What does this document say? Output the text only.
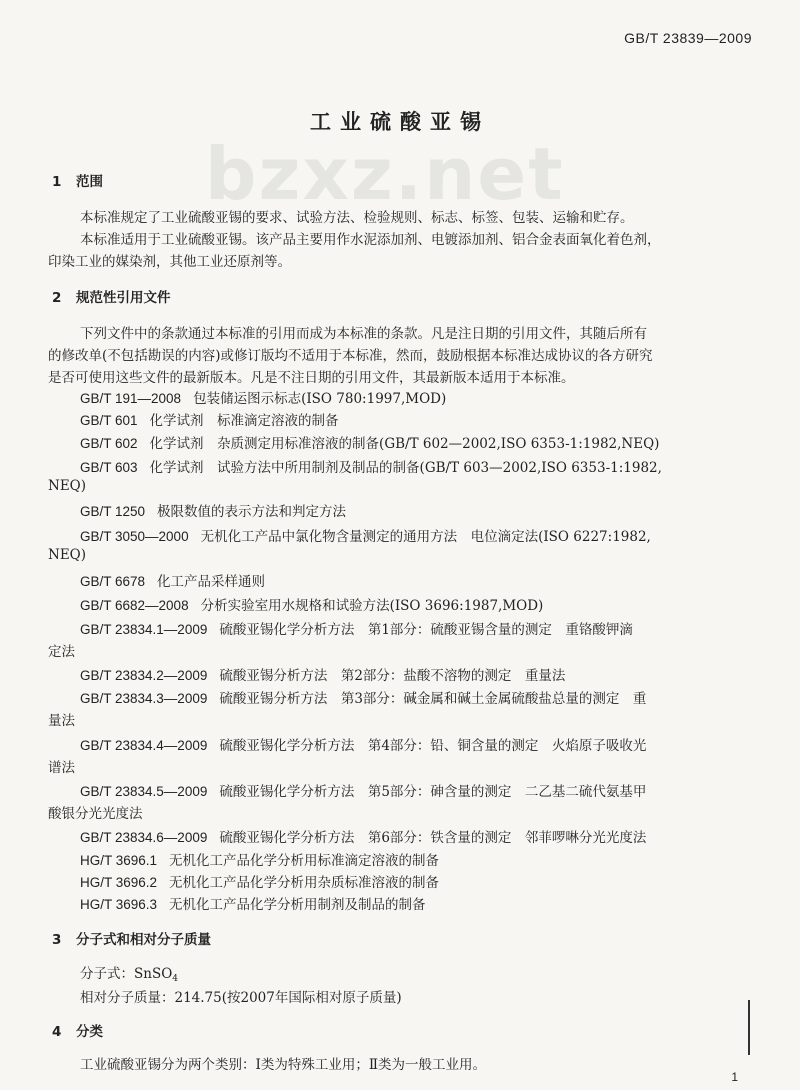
GB/T 23839—2009
工业硫酸亚锡
bzxz.net
1 范围
本标准规定了工业硫酸亚锡的要求、试验方法、检验规则、标志、标签、包装、运输和贮存。
本标准适用于工业硫酸亚锡。该产品主要用作水泥添加剂、电镀添加剂、铝合金表面氧化着色剂，
印染工业的媒染剂，其他工业还原剂等。
2 规范性引用文件
下列文件中的条款通过本标准的引用而成为本标准的条款。凡是注日期的引用文件，其随后所有
的修改单(不包括勘误的内容)或修订版均不适用于本标准，然而，鼓励根据本标准达成协议的各方研究
是否可使用这些文件的最新版本。凡是不注日期的引用文件，其最新版本适用于本标准。
GB/T 191—2008 包装储运图示标志(ISO 780:1997,MOD)
GB/T 601 化学试剂　标准滴定溶液的制备
GB/T 602 化学试剂　杂质测定用标准溶液的制备(GB/T 602—2002,ISO 6353-1:1982,NEQ)
GB/T 603 化学试剂　试验方法中所用制剂及制品的制备(GB/T 603—2002,ISO 6353-1:1982,
NEQ)
GB/T 1250 极限数值的表示方法和判定方法
GB/T 3050—2000 无机化工产品中氯化物含量测定的通用方法　电位滴定法(ISO 6227:1982,
NEQ)
GB/T 6678 化工产品采样通则
GB/T 6682—2008 分析实验室用水规格和试验方法(ISO 3696:1987,MOD)
GB/T 23834.1—2009 硫酸亚锡化学分析方法　第1部分：硫酸亚锡含量的测定　重铬酸钾滴
定法
GB/T 23834.2—2009 硫酸亚锡分析方法　第2部分：盐酸不溶物的测定　重量法
GB/T 23834.3—2009 硫酸亚锡分析方法　第3部分：碱金属和碱土金属硫酸盐总量的测定　重
量法
GB/T 23834.4—2009 硫酸亚锡化学分析方法　第4部分：铅、铜含量的测定　火焰原子吸收光
谱法
GB/T 23834.5—2009 硫酸亚锡化学分析方法　第5部分：砷含量的测定　二乙基二硫代氨基甲
酸银分光光度法
GB/T 23834.6—2009 硫酸亚锡化学分析方法　第6部分：铁含量的测定　邻菲啰啉分光光度法
HG/T 3696.1 无机化工产品化学分析用标准滴定溶液的制备
HG/T 3696.2 无机化工产品化学分析用杂质标准溶液的制备
HG/T 3696.3 无机化工产品化学分析用制剂及制品的制备
3 分子式和相对分子质量
分子式：SnSO$_4$
相对分子质量：214.75(按2007年国际相对原子质量)
4 分类
工业硫酸亚锡分为两个类别：Ⅰ类为特殊工业用；Ⅱ类为一般工业用。
1
